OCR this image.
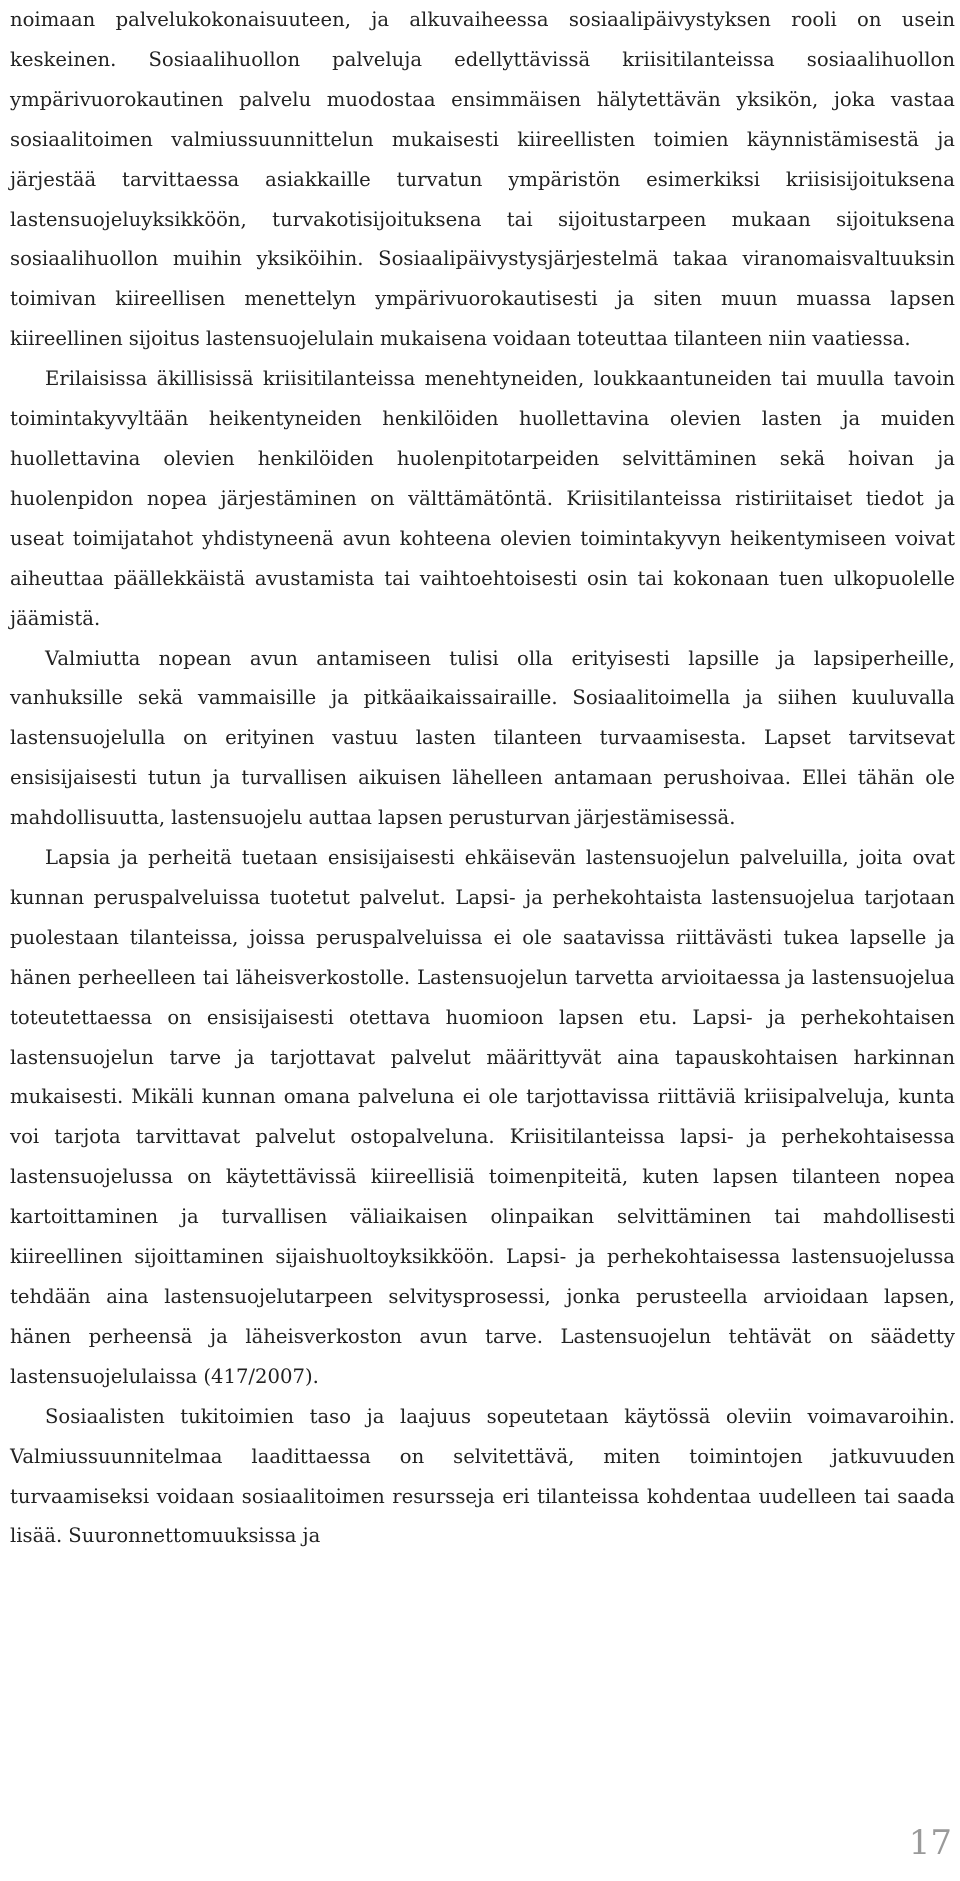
noimaan palvelukokonaisuuteen, ja alkuvaiheessa sosiaalipäivystyksen rooli on usein keskeinen. Sosiaalihuollon palveluja edellyttävissä kriisitilanteissa sosiaalihuollon ympärivuorokautinen palvelu muodostaa ensimmäisen hälytettävän yksikön, joka vastaa sosiaalitoimen valmiussuunnittelun mukaisesti kiireellisten toimien käynnistämisestä ja järjestää tarvittaessa asiakkaille turvatun ympäristön esimerkiksi kriisisijoituksena lastensuojeluyksikköön, turvakotisijoituksena tai sijoitustarpeen mukaan sijoituksena sosiaalihuollon muihin yksiköihin. Sosiaalipäivystysjärjestelmä takaa viranomaisvaltuuksin toimivan kiireellisen menettelyn ympärivuorokautisesti ja siten muun muassa lapsen kiireellinen sijoitus lastensuojelulain mukaisena voidaan toteuttaa tilanteen niin vaatiessa.

Erilaisissa äkillisissä kriisitilanteissa menehtyneiden, loukkaantuneiden tai muulla tavoin toimintakyvyltään heikentyneiden henkilöiden huollettavina olevien lasten ja muiden huollettavina olevien henkilöiden huolenpitotarpeiden selvittäminen sekä hoivan ja huolenpidon nopea järjestäminen on välttämätöntä. Kriisitilanteissa ristiriitaiset tiedot ja useat toimijatahot yhdistyneenä avun kohteena olevien toimintakyvyn heikentymiseen voivat aiheuttaa päällekkäistä avustamista tai vaihtoehtoisesti osin tai kokonaan tuen ulkopuolelle jäämistä.

Valmiutta nopean avun antamiseen tulisi olla erityisesti lapsille ja lapsiperheille, vanhuksille sekä vammaisille ja pitkäaikaissairaille. Sosiaalitoimella ja siihen kuuluvalla lastensuojelulla on erityinen vastuu lasten tilanteen turvaamisesta. Lapset tarvitsevat ensisijaisesti tutun ja turvallisen aikuisen lähelleen antamaan perushoivaa. Ellei tähän ole mahdollisuutta, lastensuojelu auttaa lapsen perusturvan järjestämisessä.

Lapsia ja perheitä tuetaan ensisijaisesti ehkäisevän lastensuojelun palveluilla, joita ovat kunnan peruspalveluissa tuotetut palvelut. Lapsi- ja perhekohtaista lastensuojelua tarjotaan puolestaan tilanteissa, joissa peruspalveluissa ei ole saatavissa riittävästi tukea lapselle ja hänen perheelleen tai läheisverkostolle. Lastensuojelun tarvetta arvioitaessa ja lastensuojelua toteutettaessa on ensisijaisesti otettava huomioon lapsen etu. Lapsi- ja perhekohtaisen lastensuojelun tarve ja tarjottavat palvelut määrittyvät aina tapauskohtaisen harkinnan mukaisesti. Mikäli kunnan omana palveluna ei ole tarjottavissa riittäviä kriisipalveluja, kunta voi tarjota tarvittavat palvelut ostopalveluna. Kriisitilanteissa lapsi- ja perhekohtaisessa lastensuojelussa on käytettävissä kiireellisiä toimenpiteitä, kuten lapsen tilanteen nopea kartoittaminen ja turvallisen väliaikaisen olinpaikan selvittäminen tai mahdollisesti kiireellinen sijoittaminen sijaishuoltoyksikköön. Lapsi- ja perhekohtaisessa lastensuojelussa tehdään aina lastensuojelutarpeen selvitysprosessi, jonka perusteella arvioidaan lapsen, hänen perheensä ja läheisverkoston avun tarve. Lastensuojelun tehtävät on säädetty lastensuojelulaissa (417/2007).

Sosiaalisten tukitoimien taso ja laajuus sopeutetaan käytössä oleviin voimavaroihin. Valmiussuunnitelmaa laadittaessa on selvitettävä, miten toimintojen jatkuvuuden turvaamiseksi voidaan sosiaalitoimen resursseja eri tilanteissa kohdentaa uudelleen tai saada lisää. Suuronnettomuuksissa ja

17
